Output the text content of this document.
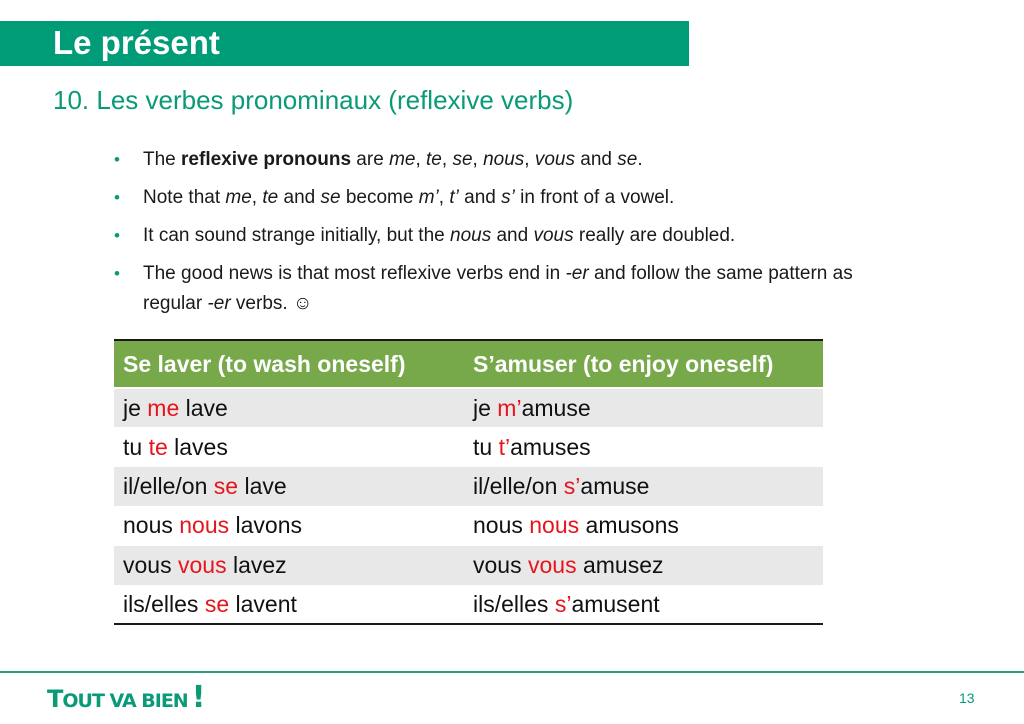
Le présent
10. Les verbes pronominaux (reflexive verbs)
• The reflexive pronouns are me, te, se, nous, vous and se.
• Note that me, te and se become m’, t’ and s’ in front of a vowel.
• It can sound strange initially, but the nous and vous really are doubled.
• The good news is that most reflexive verbs end in -er and follow the same pattern as regular -er verbs. ☺
Se laver (to wash oneself)	S’amuser (to enjoy oneself)
je me lave	je m’amuse
tu te laves	tu t’amuses
il/elle/on se lave	il/elle/on s’amuse
nous nous lavons	nous nous amusons
vous vous lavez	vous vous amusez
ils/elles se lavent	ils/elles s’amusent
TOUT VA BIEN !	13
